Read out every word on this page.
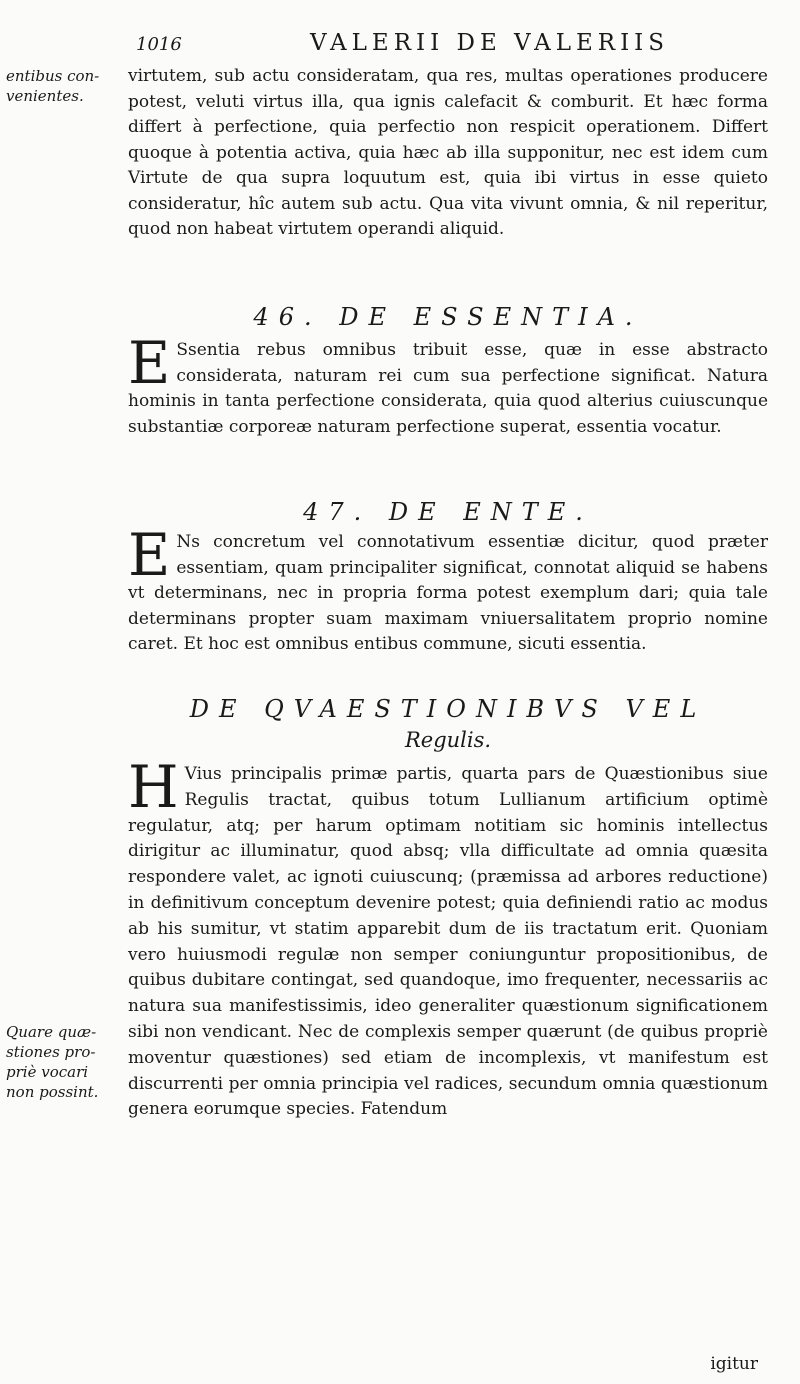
1016	VALERII DE VALERIIS
entibus con-
venientes.
Quare quæ-
stiones pro-
priè vocari
non possint.

virtutem, sub actu consideratam, qua res, multas operationes producere potest, veluti virtus illa, qua ignis calefacit & comburit. Et hæc forma differt à perfectione, quia perfectio non respicit operationem. Differt quoque à potentia activa, quia hæc ab illa supponitur, nec est idem cum Virtute de qua supra loquutum est, quia ibi virtus in esse quieto consideratur, hîc autem sub actu. Qua vita vivunt omnia, & nil reperitur, quod non habeat virtutem operandi aliquid.

46. DE ESSENTIA.
E Ssentia rebus omnibus tribuit esse, quæ in esse abstracto considerata, naturam rei cum sua perfectione significat. Natura hominis in tanta perfectione considerata, quia quod alterius cuiuscunque substantiæ corporeæ naturam perfectione superat, essentia vocatur.
47. DE ENTE.
E Ns concretum vel connotativum essentiæ dicitur, quod præter essentiam, quam principaliter significat, connotat aliquid se habens vt determinans, nec in propria forma potest exemplum dari; quia tale determinans propter suam maximam vniuersalitatem proprio nomine caret. Et hoc est omnibus entibus commune, sicuti essentia.
DE QVAESTIONIBVS VEL
Regulis.
H Vius principalis primæ partis, quarta pars de Quæstionibus siue Regulis tractat, quibus totum Lullianum artificium optimè regulatur, atq; per harum optimam notitiam sic hominis intellectus dirigitur ac illuminatur, quod absq; vlla difficultate ad omnia quæsita respondere valet, ac ignoti cuiuscunq; (præmissa ad arbores reductione) in definitivum conceptum devenire potest; quia definiendi ratio ac modus ab his sumitur, vt statim apparebit dum de iis tractatum erit. Quoniam vero huiusmodi regulæ non semper coniunguntur propositionibus, de quibus dubitare contingat, sed quandoque, imo frequenter, necessariis ac natura sua manifestissimis, ideo generaliter quæstionum significationem sibi non vendicant. Nec de complexis semper quærunt (de quibus propriè moventur quæstiones) sed etiam de incomplexis, vt manifestum est discurrenti per omnia principia vel radices, secundum omnia quæstionum genera eorumque species. Fatendum
igitur
